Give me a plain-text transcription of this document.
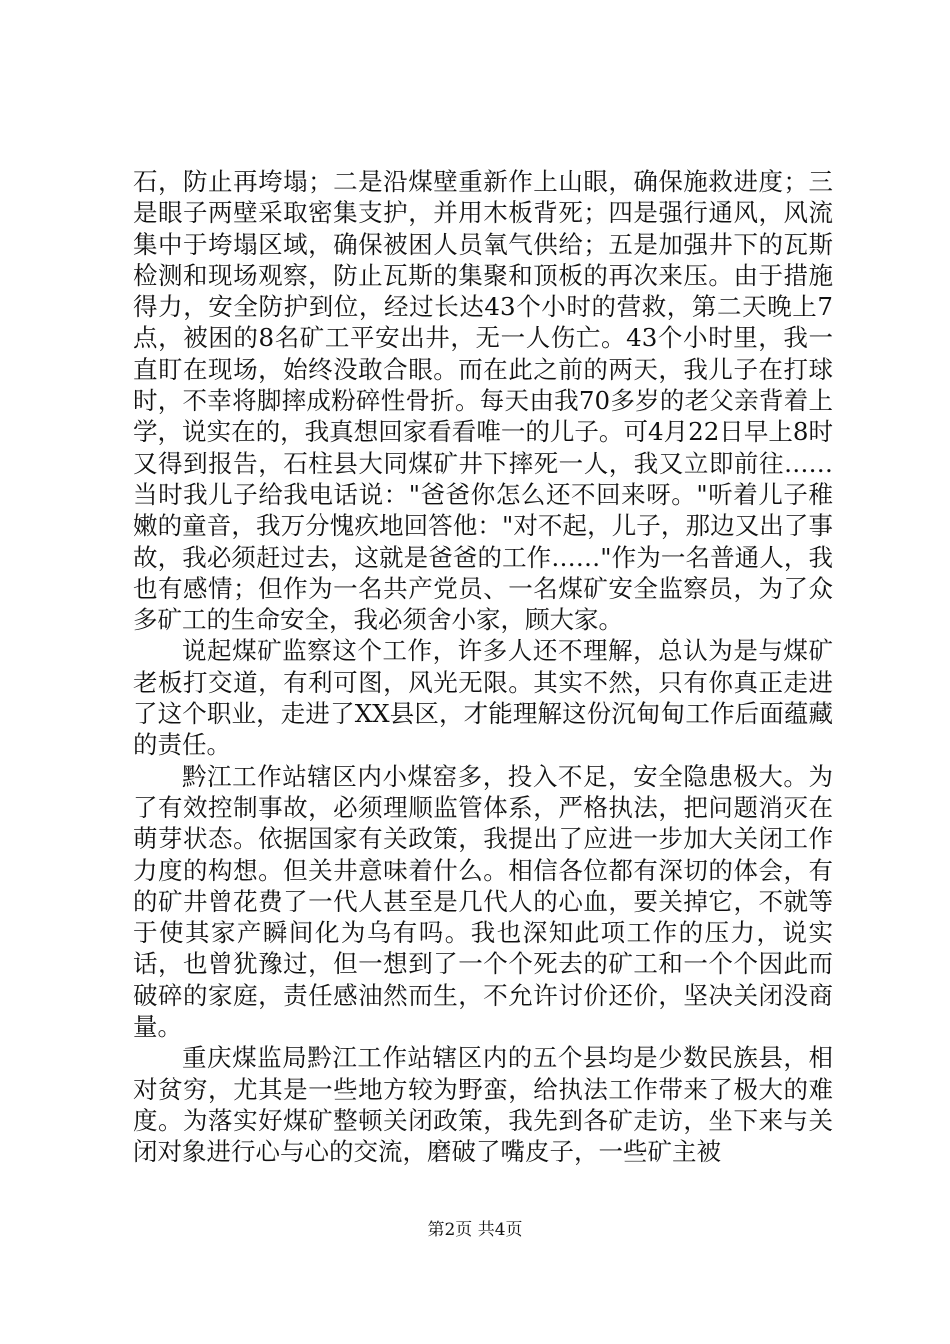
石，防止再垮塌；二是沿煤壁重新作上山眼，确保施救进度；三是眼子两壁采取密集支护，并用木板背死；四是强行通风，风流集中于垮塌区域，确保被困人员氧气供给；五是加强井下的瓦斯检测和现场观察，防止瓦斯的集聚和顶板的再次来压。由于措施得力，安全防护到位，经过长达43个小时的营救，第二天晚上7点，被困的8名矿工平安出井，无一人伤亡。43个小时里，我一直盯在现场，始终没敢合眼。而在此之前的两天，我儿子在打球时，不幸将脚摔成粉碎性骨折。每天由我70多岁的老父亲背着上学，说实在的，我真想回家看看唯一的儿子。可4月22日早上8时又得到报告，石柱县大同煤矿井下摔死一人，我又立即前往……当时我儿子给我电话说："爸爸你怎么还不回来呀。"听着儿子稚嫩的童音，我万分愧疚地回答他："对不起，儿子，那边又出了事故，我必须赶过去，这就是爸爸的工作……"作为一名普通人，我也有感情；但作为一名共产党员、一名煤矿安全监察员，为了众多矿工的生命安全，我必须舍小家，顾大家。

说起煤矿监察这个工作，许多人还不理解，总认为是与煤矿老板打交道，有利可图，风光无限。其实不然，只有你真正走进了这个职业，走进了XX县区，才能理解这份沉甸甸工作后面蕴藏的责任。

黔江工作站辖区内小煤窑多，投入不足，安全隐患极大。为了有效控制事故，必须理顺监管体系，严格执法，把问题消灭在萌芽状态。依据国家有关政策，我提出了应进一步加大关闭工作力度的构想。但关井意味着什么。相信各位都有深切的体会，有的矿井曾花费了一代人甚至是几代人的心血，要关掉它，不就等于使其家产瞬间化为乌有吗。我也深知此项工作的压力，说实话，也曾犹豫过，但一想到了一个个死去的矿工和一个个因此而破碎的家庭，责任感油然而生，不允许讨价还价，坚决关闭没商量。

重庆煤监局黔江工作站辖区内的五个县均是少数民族县，相对贫穷，尤其是一些地方较为野蛮，给执法工作带来了极大的难度。为落实好煤矿整顿关闭政策，我先到各矿走访，坐下来与关闭对象进行心与心的交流，磨破了嘴皮子，一些矿主被

第2页 共4页
